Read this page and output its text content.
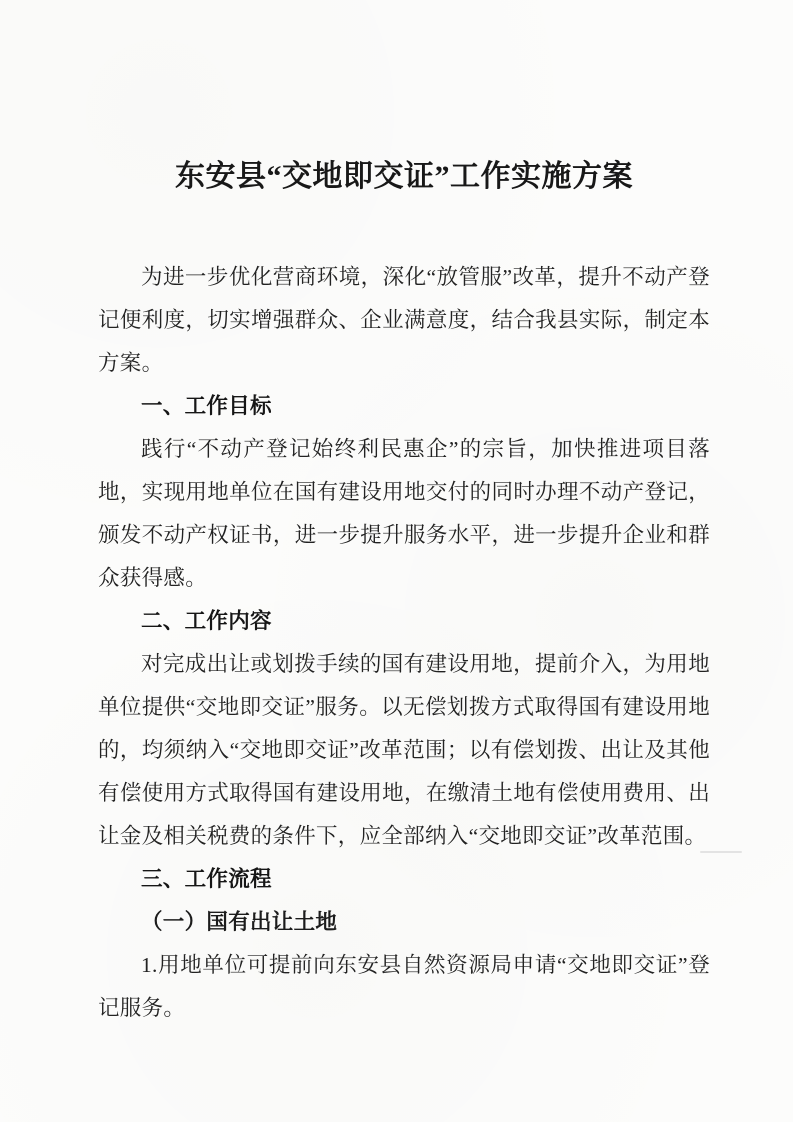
东安县“交地即交证”工作实施方案

为进一步优化营商环境，深化“放管服”改革，提升不动产登记便利度，切实增强群众、企业满意度，结合我县实际，制定本方案。

一、工作目标

践行“不动产登记始终利民惠企”的宗旨，加快推进项目落地，实现用地单位在国有建设用地交付的同时办理不动产登记，颁发不动产权证书，进一步提升服务水平，进一步提升企业和群众获得感。

二、工作内容

对完成出让或划拨手续的国有建设用地，提前介入，为用地单位提供“交地即交证”服务。以无偿划拨方式取得国有建设用地的，均须纳入“交地即交证”改革范围；以有偿划拨、出让及其他有偿使用方式取得国有建设用地，在缴清土地有偿使用费用、出让金及相关税费的条件下，应全部纳入“交地即交证”改革范围。

三、工作流程

（一）国有出让土地

1.用地单位可提前向东安县自然资源局申请“交地即交证”登记服务。
